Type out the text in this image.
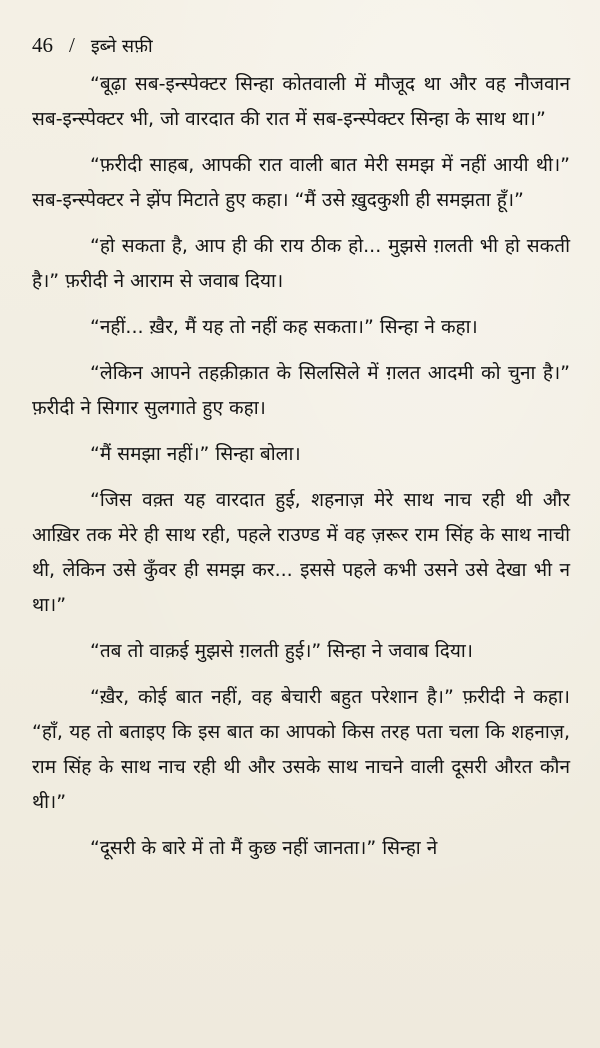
46 / इब्ने सफ़ी

“बूढ़ा सब-इन्स्पेक्टर सिन्हा कोतवाली में मौजूद था और वह नौजवान सब-इन्स्पेक्टर भी, जो वारदात की रात में सब-इन्स्पेक्टर सिन्हा के साथ था।”

“फ़रीदी साहब, आपकी रात वाली बात मेरी समझ में नहीं आयी थी।” सब-इन्स्पेक्टर ने झेंप मिटाते हुए कहा। “मैं उसे ख़ुदकुशी ही समझता हूँ।”

“हो सकता है, आप ही की राय ठीक हो... मुझसे ग़लती भी हो सकती है।” फ़रीदी ने आराम से जवाब दिया।

“नहीं... ख़ैर, मैं यह तो नहीं कह सकता।” सिन्हा ने कहा।

“लेकिन आपने तहक़ीक़ात के सिलसिले में ग़लत आदमी को चुना है।” फ़रीदी ने सिगार सुलगाते हुए कहा।

“मैं समझा नहीं।” सिन्हा बोला।

“जिस वक़्त यह वारदात हुई, शहनाज़ मेरे साथ नाच रही थी और आख़िर तक मेरे ही साथ रही, पहले राउण्ड में वह ज़रूर राम सिंह के साथ नाची थी, लेकिन उसे कुँवर ही समझ कर... इससे पहले कभी उसने उसे देखा भी न था।”

“तब तो वाक़ई मुझसे ग़लती हुई।” सिन्हा ने जवाब दिया।

“ख़ैर, कोई बात नहीं, वह बेचारी बहुत परेशान है।” फ़रीदी ने कहा। “हाँ, यह तो बताइए कि इस बात का आपको किस तरह पता चला कि शहनाज़, राम सिंह के साथ नाच रही थी और उसके साथ नाचने वाली दूसरी औरत कौन थी।”

“दूसरी के बारे में तो मैं कुछ नहीं जानता।” सिन्हा ने
